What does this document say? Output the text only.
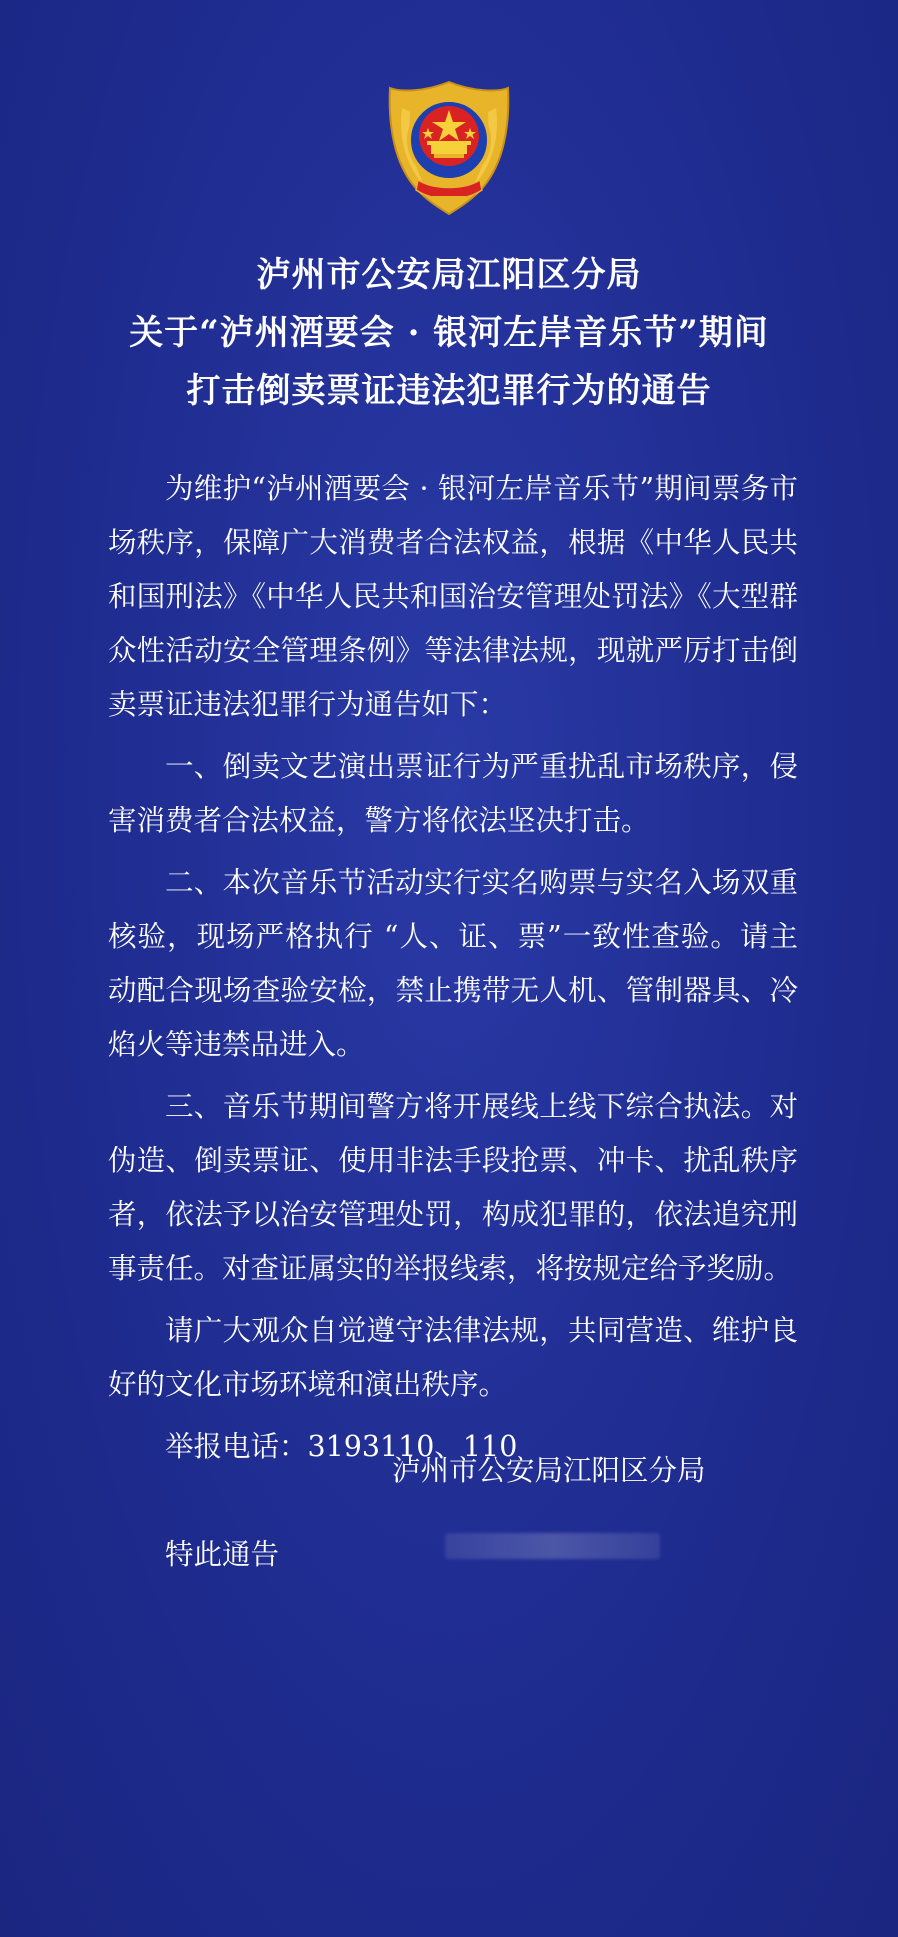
泸州市公安局江阳区分局
关于“泸州酒要会 · 银河左岸音乐节”期间
打击倒卖票证违法犯罪行为的通告

为维护“泸州酒要会 · 银河左岸音乐节”期间票务市场秩序，保障广大消费者合法权益，根据《中华人民共和国刑法》《中华人民共和国治安管理处罚法》《大型群众性活动安全管理条例》等法律法规，现就严厉打击倒卖票证违法犯罪行为通告如下：

一、倒卖文艺演出票证行为严重扰乱市场秩序，侵害消费者合法权益，警方将依法坚决打击。

二、本次音乐节活动实行实名购票与实名入场双重核验，现场严格执行 “人、证、票”一致性查验。请主动配合现场查验安检，禁止携带无人机、管制器具、冷焰火等违禁品进入。

三、音乐节期间警方将开展线上线下综合执法。对伪造、倒卖票证、使用非法手段抢票、冲卡、扰乱秩序者，依法予以治安管理处罚，构成犯罪的，依法追究刑事责任。对查证属实的举报线索，将按规定给予奖励。

请广大观众自觉遵守法律法规，共同营造、维护良好的文化市场环境和演出秩序。

举报电话：3193110、110

特此通告

泸州市公安局江阳区分局
